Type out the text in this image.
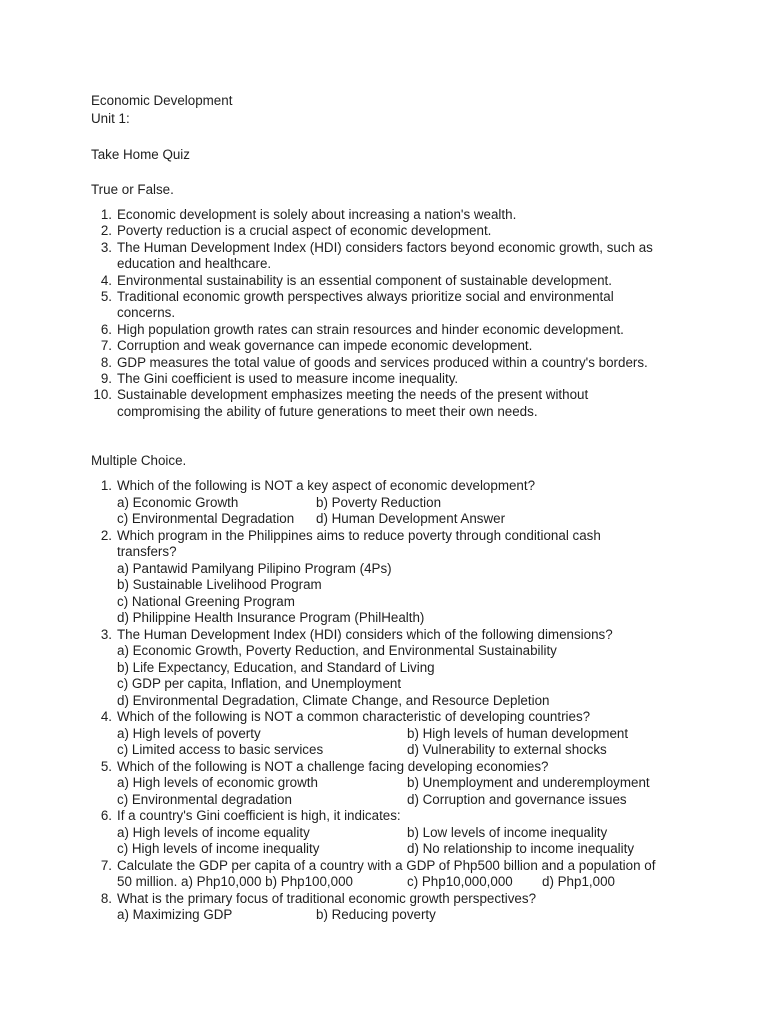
Economic Development
Unit 1:
Take Home Quiz
True or False.
1. Economic development is solely about increasing a nation's wealth.
2. Poverty reduction is a crucial aspect of economic development.
3. The Human Development Index (HDI) considers factors beyond economic growth, such as
education and healthcare.
4. Environmental sustainability is an essential component of sustainable development.
5. Traditional economic growth perspectives always prioritize social and environmental
concerns.
6. High population growth rates can strain resources and hinder economic development.
7. Corruption and weak governance can impede economic development.
8. GDP measures the total value of goods and services produced within a country's borders.
9. The Gini coefficient is used to measure income inequality.
10. Sustainable development emphasizes meeting the needs of the present without
compromising the ability of future generations to meet their own needs.
Multiple Choice.
1. Which of the following is NOT a key aspect of economic development?
a) Economic Growth	b) Poverty Reduction
c) Environmental Degradation d) Human Development Answer
2. Which program in the Philippines aims to reduce poverty through conditional cash
transfers?
a) Pantawid Pamilyang Pilipino Program (4Ps)
b) Sustainable Livelihood Program
c) National Greening Program
d) Philippine Health Insurance Program (PhilHealth)
3. The Human Development Index (HDI) considers which of the following dimensions?
a) Economic Growth, Poverty Reduction, and Environmental Sustainability
b) Life Expectancy, Education, and Standard of Living
c) GDP per capita, Inflation, and Unemployment
d) Environmental Degradation, Climate Change, and Resource Depletion
4. Which of the following is NOT a common characteristic of developing countries?
a) High levels of poverty	b) High levels of human development
c) Limited access to basic services	d) Vulnerability to external shocks
5. Which of the following is NOT a challenge facing developing economies?
a) High levels of economic growth	b) Unemployment and underemployment
c) Environmental degradation	d) Corruption and governance issues
6. If a country's Gini coefficient is high, it indicates:
a) High levels of income equality	b) Low levels of income inequality
c) High levels of income inequality	d) No relationship to income inequality
7. Calculate the GDP per capita of a country with a GDP of Php500 billion and a population of
50 million. a) Php10,000 b) Php100,000	c) Php10,000,000 d) Php1,000
8. What is the primary focus of traditional economic growth perspectives?
a) Maximizing GDP	b) Reducing poverty
